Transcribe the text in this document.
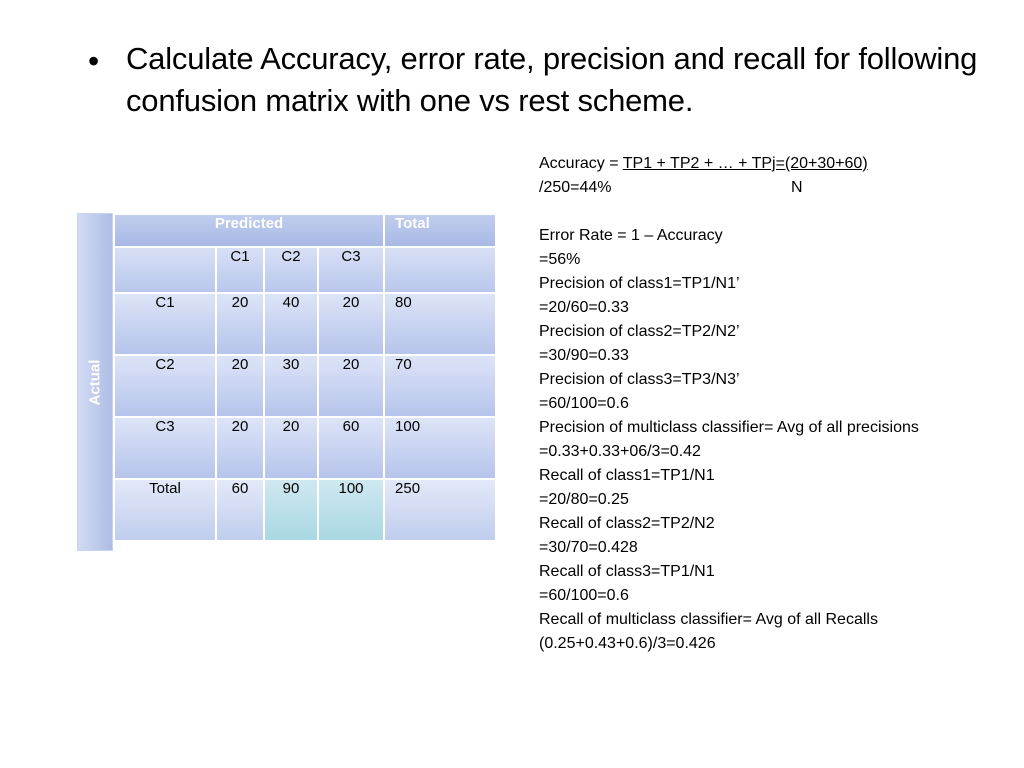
• Calculate Accuracy, error rate, precision and recall for following confusion matrix with one vs rest scheme.
Actual
Predicted				Total
	C1	C2	C3	
C1	20	40	20	80
C2	20	30	20	70
C3	20	20	60	100
Total	60	90	100	250
Accuracy = TP1 + TP2 + … + TPj=(20+30+60)
/250=44%	N
Error Rate = 1 – Accuracy
=56%
Precision of class1=TP1/N1’
=20/60=0.33
Precision of class2=TP2/N2’
=30/90=0.33
Precision of class3=TP3/N3’
=60/100=0.6
Precision of multiclass classifier= Avg of all precisions
=0.33+0.33+06/3=0.42
Recall of class1=TP1/N1
=20/80=0.25
Recall of class2=TP2/N2
=30/70=0.428
Recall of class3=TP1/N1
=60/100=0.6
Recall of multiclass classifier= Avg of all Recalls
(0.25+0.43+0.6)/3=0.426
